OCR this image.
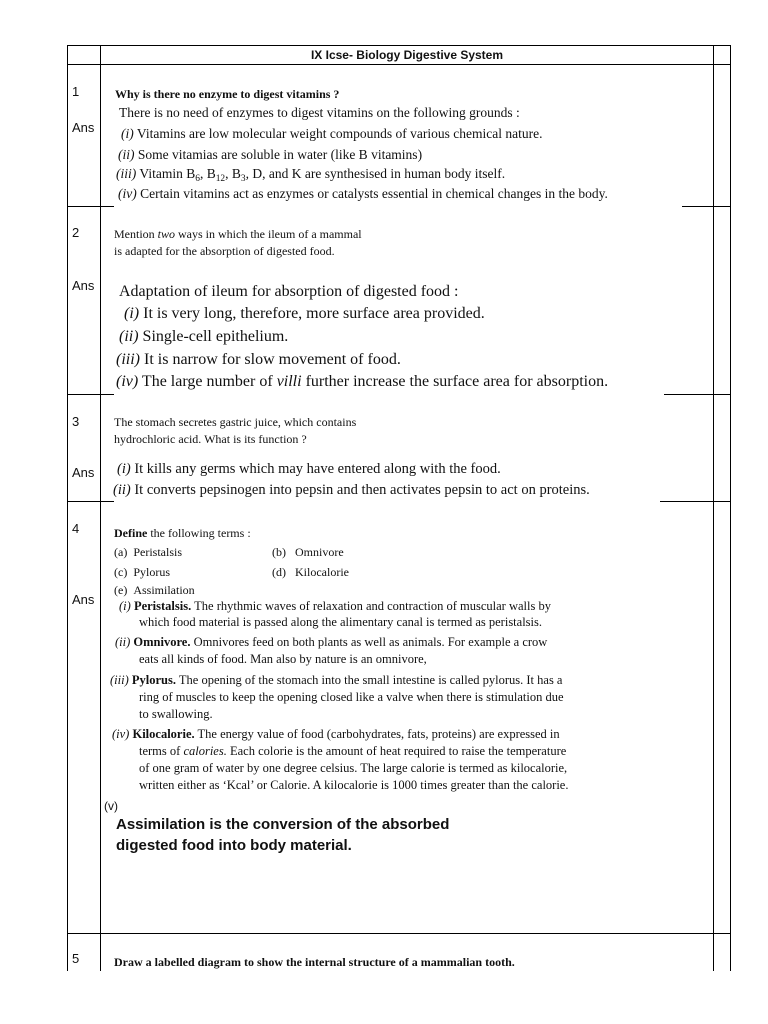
IX Icse- Biology Digestive System
1
Ans
Why is there no enzyme to digest vitamins ?
There is no need of enzymes to digest vitamins on the following grounds :
(i) Vitamins are low molecular weight compounds of various chemical nature.
(ii) Some vitamias are soluble in water (like B vitamins)
(iii) Vitamin $B_6$, $B_{12}$, $B_3$, D, and K are synthesised in human body itself.
(iv) Certain vitamins act as enzymes or catalysts essential in chemical changes in the body.
2
Ans
Mention two ways in which the ileum of a mammal
is adapted for the absorption of digested food.
Adaptation of ileum for absorption of digested food :
(i) It is very long, therefore, more surface area provided.
(ii) Single-cell epithelium.
(iii) It is narrow for slow movement of food.
(iv) The large number of villi further increase the surface area for absorption.
3
Ans
The stomach secretes gastric juice, which contains
hydrochloric acid. What is its function ?
(i) It kills any germs which may have entered along with the food.
(ii) It converts pepsinogen into pepsin and then activates pepsin to act on proteins.
4
Ans
Define the following terms :
(a) Peristalsis	(b) Omnivore
(c) Pylorus	(d) Kilocalorie
(e) Assimilation
(i) Peristalsis. The rhythmic waves of relaxation and contraction of muscular walls by
which food material is passed along the alimentary canal is termed as peristalsis.
(ii) Omnivore. Omnivores feed on both plants as well as animals. For example a crow
eats all kinds of food. Man also by nature is an omnivore,
(iii) Pylorus. The opening of the stomach into the small intestine is called pylorus. It has a
ring of muscles to keep the opening closed like a valve when there is stimulation due
to swallowing.
(iv) Kilocalorie. The energy value of food (carbohydrates, fats, proteins) are expressed in
terms of calories. Each colorie is the amount of heat required to raise the temperature
of one gram of water by one degree celsius. The large calorie is termed as kilocalorie,
written either as ‘Kcal’ or Calorie. A kilocalorie is 1000 times greater than the calorie.
(v)
Assimilation is the conversion of the absorbed
digested food into body material.
5	Draw a labelled diagram to show the internal structure of a mammalian tooth.
